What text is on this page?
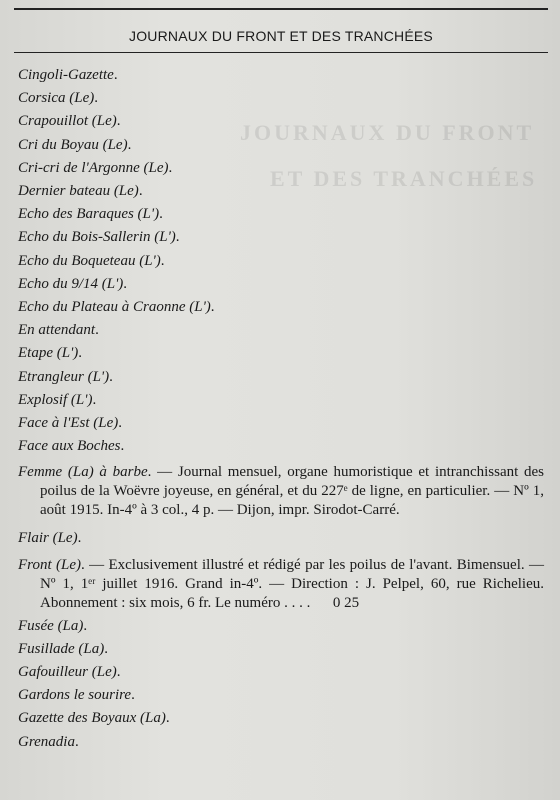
JOURNAUX DU FRONT
ET DES TRANCHÉES
JOURNAUX DU FRONT ET DES TRANCHÉES

Cingoli-Gazette.

Corsica (Le).

Crapouillot (Le).

Cri du Boyau (Le).

Cri-cri de l'Argonne (Le).

Dernier bateau (Le).

Echo des Baraques (L').

Echo du Bois-Sallerin (L').

Echo du Boqueteau (L').

Echo du 9/14 (L').

Echo du Plateau à Craonne (L').

En attendant.

Etape (L').

Etrangleur (L').

Explosif (L').

Face à l'Est (Le).

Face aux Boches.

Femme (La) à barbe. — Journal mensuel, organe humoristique et intranchissant des poilus de la Woëvre joyeuse, en général, et du 227ᵉ de ligne, en particulier. — Nº 1, août 1915. In-4º à 3 col., 4 p. — Dijon, impr. Sirodot-Carré.

Flair (Le).

Front (Le). — Exclusivement illustré et rédigé par les poilus de l'avant. Bimensuel. — Nº 1, 1ᵉʳ juillet 1916. Grand in-4º. — Direction : J. Pelpel, 60, rue Richelieu. Abonnement : six mois, 6 fr. Le numéro . . . . 0 25

Fusée (La).

Fusillade (La).

Gafouilleur (Le).

Gardons le sourire.

Gazette des Boyaux (La).

Grenadia.
